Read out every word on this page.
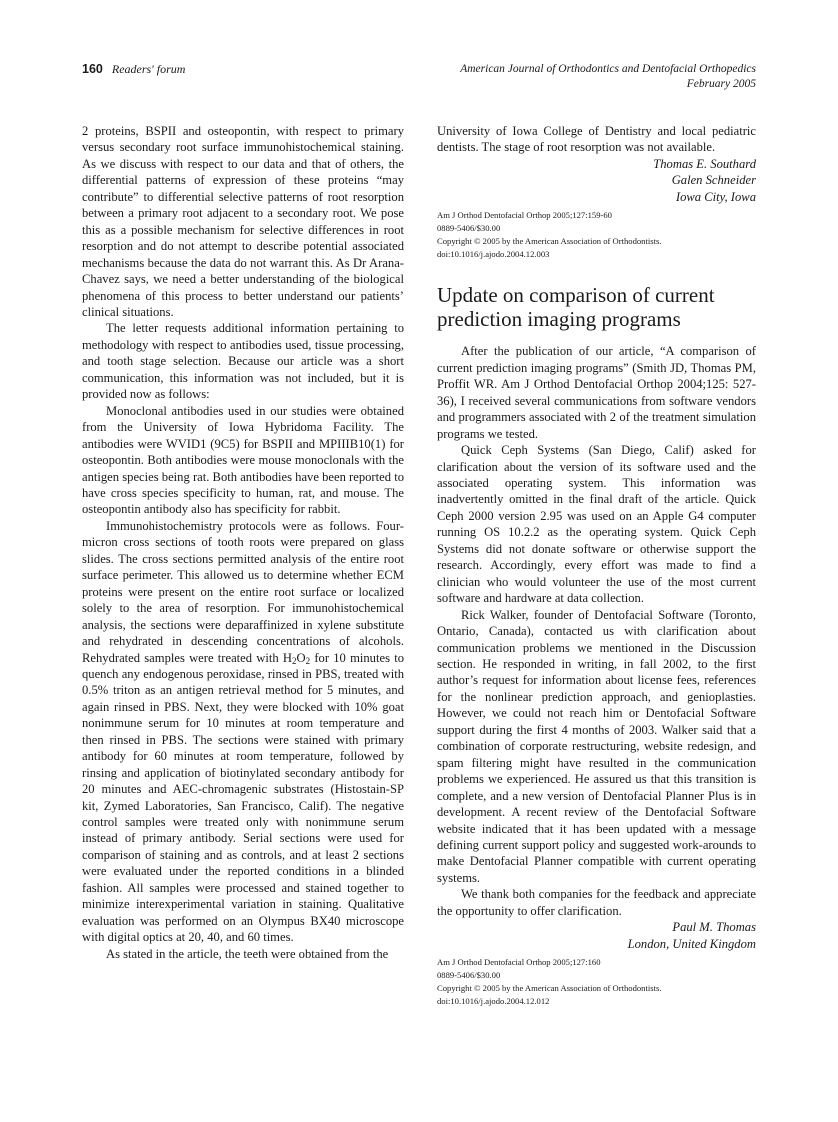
160 Readers' forum	American Journal of Orthodontics and Dentofacial Orthopedics
February 2005

2 proteins, BSPII and osteopontin, with respect to primary versus secondary root surface immunohistochemical staining. As we discuss with respect to our data and that of others, the differential patterns of expression of these proteins “may contribute” to differential selective patterns of root resorption between a primary root adjacent to a secondary root. We pose this as a possible mechanism for selective differences in root resorption and do not attempt to describe potential associated mechanisms because the data do not warrant this. As Dr Arana-Chavez says, we need a better understanding of the biological phenomena of this process to better understand our patients’ clinical situations.

The letter requests additional information pertaining to methodology with respect to antibodies used, tissue processing, and tooth stage selection. Because our article was a short communication, this information was not included, but it is provided now as follows:

Monoclonal antibodies used in our studies were obtained from the University of Iowa Hybridoma Facility. The antibodies were WVID1 (9C5) for BSPII and MPIIIB10(1) for osteopontin. Both antibodies were mouse monoclonals with the antigen species being rat. Both antibodies have been reported to have cross species specificity to human, rat, and mouse. The osteopontin antibody also has specificity for rabbit.

Immunohistochemistry protocols were as follows. Four-micron cross sections of tooth roots were prepared on glass slides. The cross sections permitted analysis of the entire root surface perimeter. This allowed us to determine whether ECM proteins were present on the entire root surface or localized solely to the area of resorption. For immunohistochemical analysis, the sections were deparaffinized in xylene substitute and rehydrated in descending concentrations of alcohols. Rehydrated samples were treated with $H_2O_2$ for 10 minutes to quench any endogenous peroxidase, rinsed in PBS, treated with 0.5% triton as an antigen retrieval method for 5 minutes, and again rinsed in PBS. Next, they were blocked with 10% goat nonimmune serum for 10 minutes at room temperature and then rinsed in PBS. The sections were stained with primary antibody for 60 minutes at room temperature, followed by rinsing and application of biotinylated secondary antibody for 20 minutes and AEC-chromagenic substrates (Histostain-SP kit, Zymed Laboratories, San Francisco, Calif). The negative control samples were treated only with nonimmune serum instead of primary antibody. Serial sections were used for comparison of staining and as controls, and at least 2 sections were evaluated under the reported conditions in a blinded fashion. All samples were processed and stained together to minimize interexperimental variation in staining. Qualitative evaluation was performed on an Olympus BX40 microscope with digital optics at 20, 40, and 60 times.

As stated in the article, the teeth were obtained from the

University of Iowa College of Dentistry and local pediatric dentists. The stage of root resorption was not available.

Thomas E. Southard
Galen Schneider
Iowa City, Iowa
Am J Orthod Dentofacial Orthop 2005;127:159-60
0889-5406/$30.00
Copyright © 2005 by the American Association of Orthodontists.
doi:10.1016/j.ajodo.2004.12.003
Update on comparison of current prediction imaging programs

After the publication of our article, “A comparison of current prediction imaging programs” (Smith JD, Thomas PM, Proffit WR. Am J Orthod Dentofacial Orthop 2004;125: 527-36), I received several communications from software vendors and programmers associated with 2 of the treatment simulation programs we tested.

Quick Ceph Systems (San Diego, Calif) asked for clarification about the version of its software used and the associated operating system. This information was inadvertently omitted in the final draft of the article. Quick Ceph 2000 version 2.95 was used on an Apple G4 computer running OS 10.2.2 as the operating system. Quick Ceph Systems did not donate software or otherwise support the research. Accordingly, every effort was made to find a clinician who would volunteer the use of the most current software and hardware at data collection.

Rick Walker, founder of Dentofacial Software (Toronto, Ontario, Canada), contacted us with clarification about communication problems we mentioned in the Discussion section. He responded in writing, in fall 2002, to the first author’s request for information about license fees, references for the nonlinear prediction approach, and genioplasties. However, we could not reach him or Dentofacial Software support during the first 4 months of 2003. Walker said that a combination of corporate restructuring, website redesign, and spam filtering might have resulted in the communication problems we experienced. He assured us that this transition is complete, and a new version of Dentofacial Planner Plus is in development. A recent review of the Dentofacial Software website indicated that it has been updated with a message defining current support policy and suggested work-arounds to make Dentofacial Planner compatible with current operating systems.

We thank both companies for the feedback and appreciate the opportunity to offer clarification.

Paul M. Thomas
London, United Kingdom
Am J Orthod Dentofacial Orthop 2005;127:160
0889-5406/$30.00
Copyright © 2005 by the American Association of Orthodontists.
doi:10.1016/j.ajodo.2004.12.012
